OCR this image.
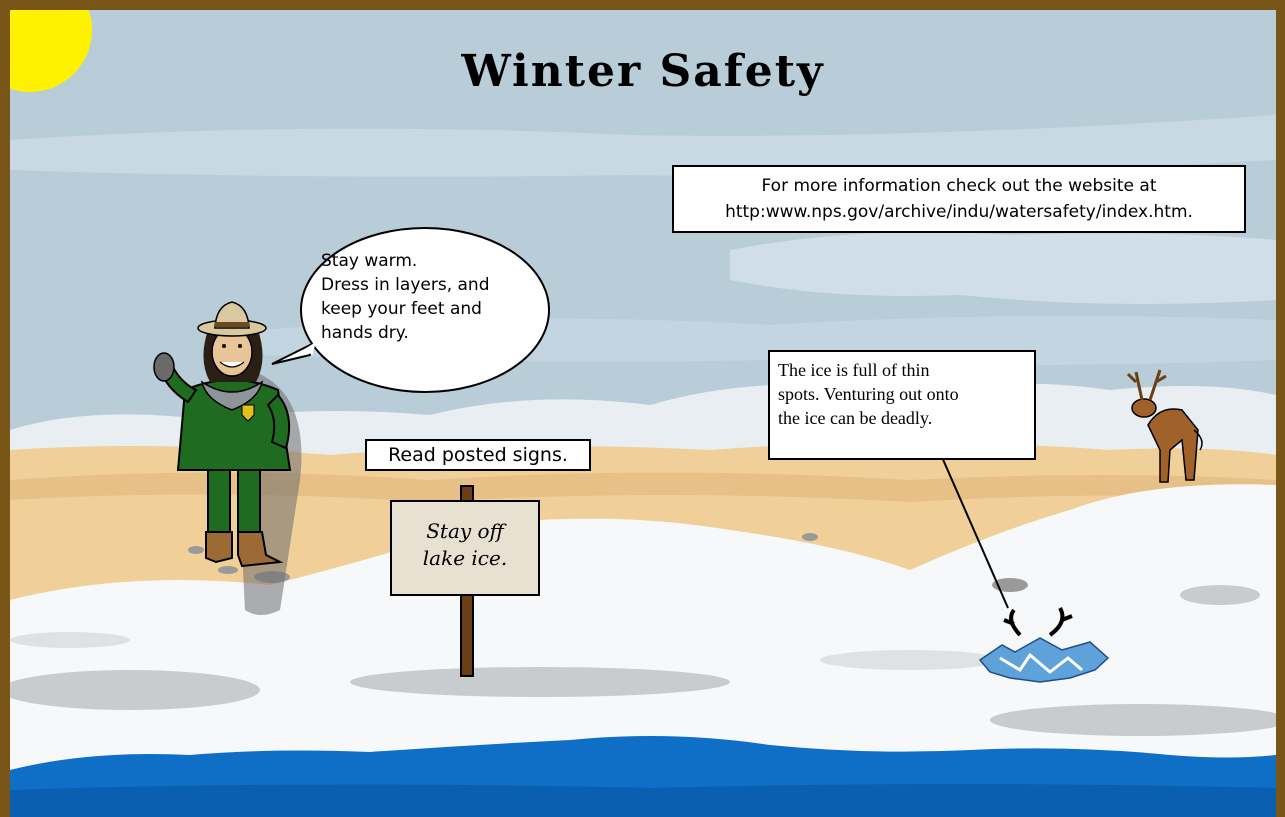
Winter Safety
For more information check out the website at
http:www.nps.gov/archive/indu/watersafety/index.htm.
Stay warm.
Dress in layers, and
keep your feet and
hands dry.
Read posted signs.
Stay off
lake ice.
The ice is full of thin
spots. Venturing out onto
the ice can be deadly.
